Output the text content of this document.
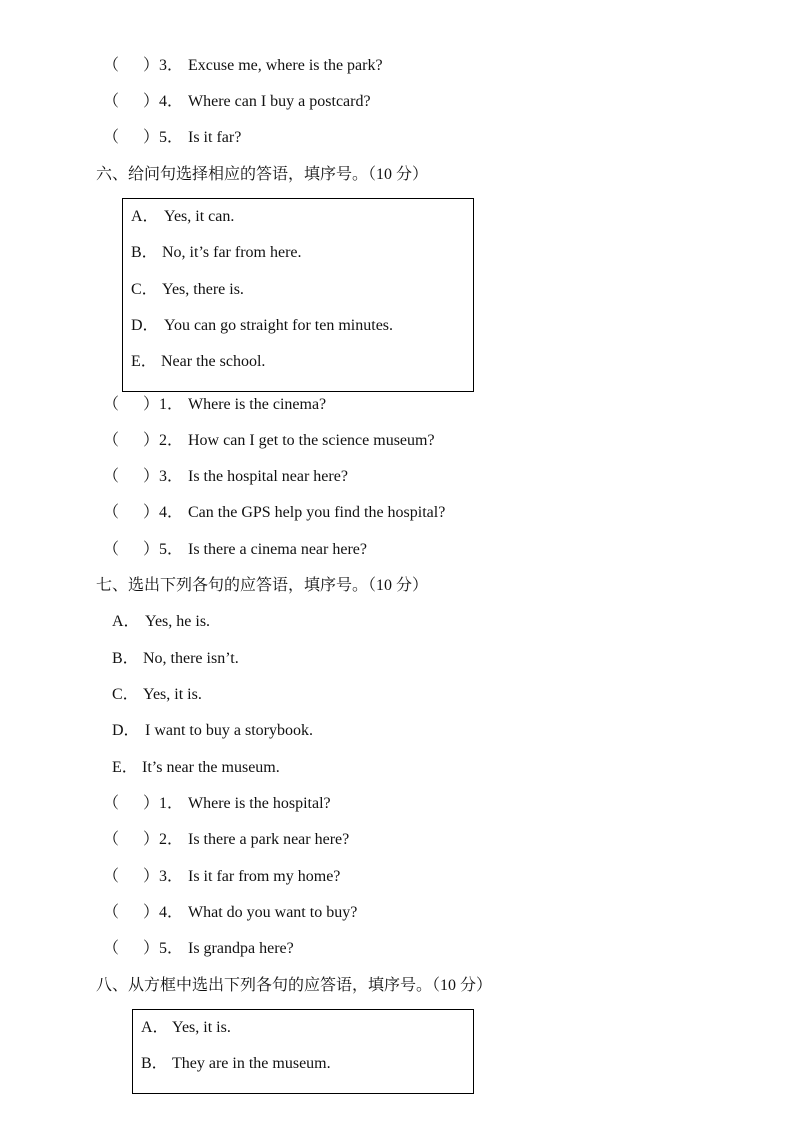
（ ）3． Excuse me, where is the park?
（ ）4． Where can I buy a postcard?
（ ）5． Is it far?
六、给问句选择相应的答语，填序号。（10 分）
A． Yes, it can.
B． No, it’s far from here.
C． Yes, there is.
D． You can go straight for ten minutes.
E． Near the school.
（ ）1． Where is the cinema?
（ ）2． How can I get to the science museum?
（ ）3． Is the hospital near here?
（ ）4． Can the GPS help you find the hospital?
（ ）5． Is there a cinema near here?
七、选出下列各句的应答语，填序号。（10 分）
A． Yes, he is.
B． No, there isn’t.
C． Yes, it is.
D． I want to buy a storybook.
E． It’s near the museum.
（ ）1． Where is the hospital?
（ ）2． Is there a park near here?
（ ）3． Is it far from my home?
（ ）4． What do you want to buy?
（ ）5． Is grandpa here?
八、从方框中选出下列各句的应答语，填序号。（10 分）
A． Yes, it is.
B． They are in the museum.
